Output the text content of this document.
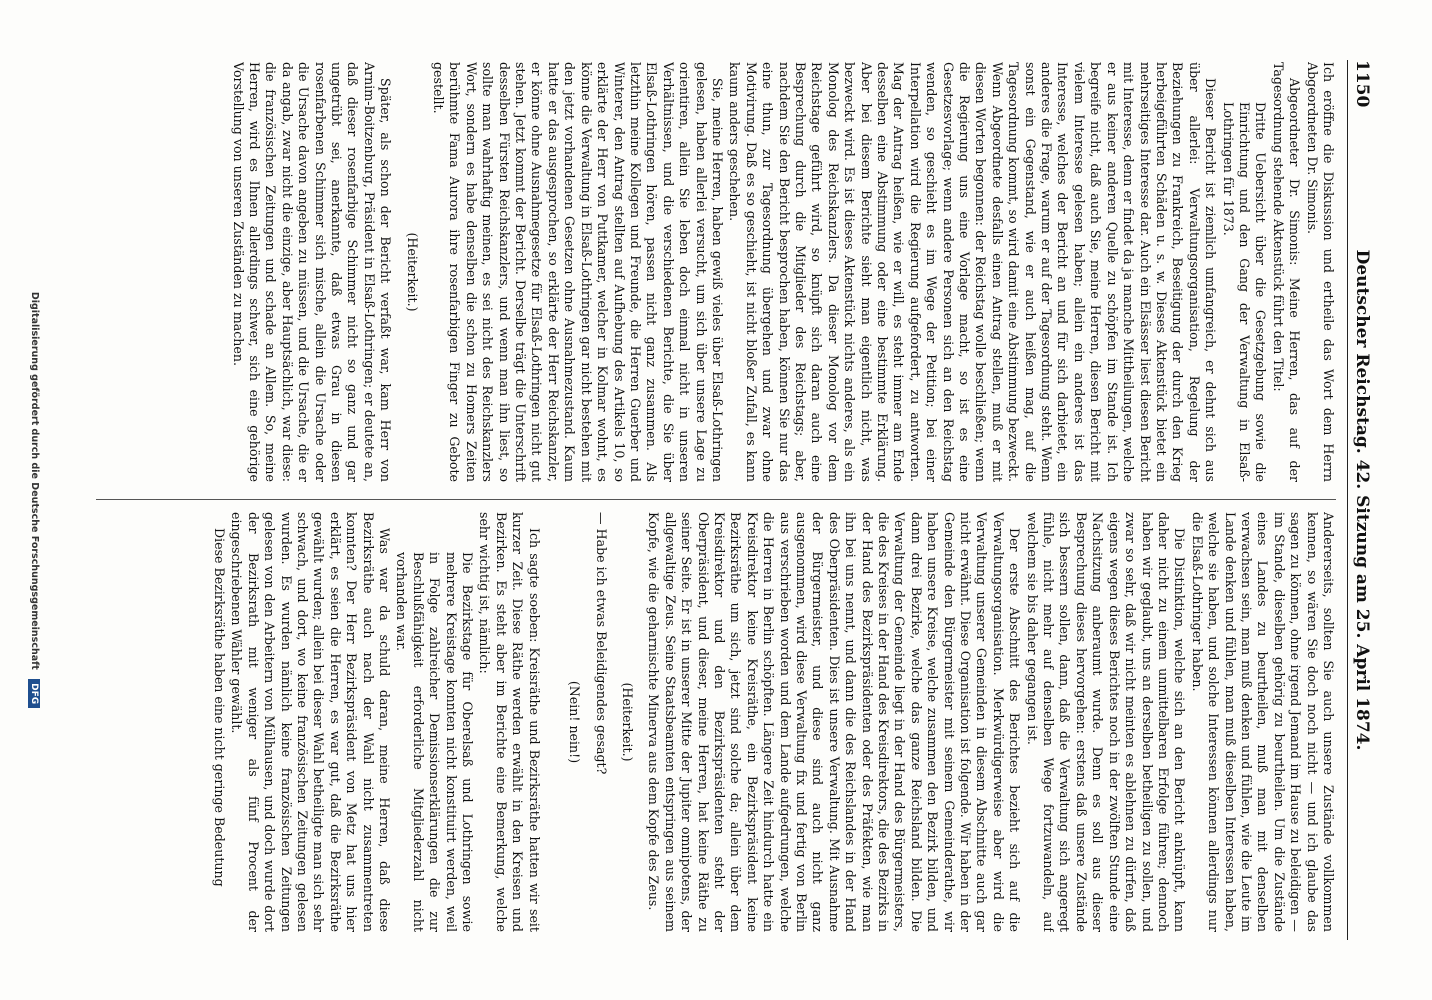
1150
Deutscher Reichstag. 42. Sitzung am 25. April 1874.

Ich eröffne die Diskussion und ertheile das Wort dem Herrn Abgeordneten Dr. Simonis.

Abgeordneter Dr. Simonis: Meine Herren, das auf der Tagesordnung stehende Aktenstück führt den Titel:

Dritte Uebersicht über die Gesetzgebung sowie die Einrichtung und den Gang der Verwaltung in Elsaß-Lothringen für 1873.

Dieser Bericht ist ziemlich umfangreich, er dehnt sich aus über allerlei: Verwaltungsorganisation, Regelung der Beziehungen zu Frankreich, Beseitigung der durch den Krieg herbeigeführten Schäden u. s. w. Dieses Aktenstück bietet ein mehrseitiges Interesse dar. Auch ein Elsässer liest diesen Bericht mit Interesse, denn er findet da ja manche Mittheilungen, welche er aus keiner anderen Quelle zu schöpfen im Stande ist. Ich begreife nicht, daß auch Sie, meine Herren, diesen Bericht mit vielem Interesse gelesen haben; allein ein anderes ist das Interesse, welches der Bericht an und für sich darbietet, ein anderes die Frage, warum er auf der Tagesordnung steht. Wenn sonst ein Gegenstand, wie er auch heißen mag, auf die Tagesordnung kommt, so wird damit eine Abstimmung bezweckt. Wenn Abgeordnete desfalls einen Antrag stellen, muß er mit diesen Worten begonnen: der Reichstag wolle beschließen; wenn die Regierung uns eine Vorlage macht, so ist es eine Gesetzesvorlage; wenn andere Personen sich an den Reichstag wenden, so geschieht es im Wege der Petition; bei einer Interpellation wird die Regierung aufgefordert, zu antworten. Mag der Antrag heißen, wie er will, es steht immer am Ende desselben eine Abstimmung oder eine bestimmte Erklärung. Aber bei diesem Berichte sieht man eigentlich nicht, was bezweckt wird. Es ist dieses Aktenstück nichts anderes, als ein Monolog des Reichskanzlers. Da dieser Monolog vor dem Reichstage geführt wird, so knüpft sich daran auch eine Besprechung durch die Mitglieder des Reichstags; aber, nachdem Sie den Bericht besprochen haben, können Sie nur das eine thun, zur Tagesordnung übergehen und zwar ohne Motivirung. Daß es so geschieht, ist nicht bloßer Zufall, es kann kaum anders geschehen.

Sie, meine Herren, haben gewiß vieles über Elsaß-Lothringen gelesen, haben allerlei versucht, um sich über unsere Lage zu orientiren, allein Sie leben doch einmal nicht in unseren Verhältnissen, und die verschiedenen Berichte, die Sie über Elsaß-Lothringen hören, passen nicht ganz zusammen. Als letzthin meine Kollegen und Freunde, die Herren Guerber und Winterer, den Antrag stellten auf Aufhebung des Artikels 10, so erklärte der Herr von Puttkamer, welcher in Kolmar wohnt, es könne die Verwaltung in Elsaß-Lothringen gar nicht bestehen mit den jetzt vorhandenen Gesetzen ohne Ausnahmezustand. Kaum hatte er das ausgesprochen, so erklärte der Herr Reichskanzler, er könne ohne Ausnahmegesetze für Elsaß-Lothringen nicht gut stehen. Jetzt kommt der Bericht. Derselbe trägt die Unterschrift desselben Fürsten Reichskanzlers, und wenn man ihn liest, so sollte man wahrhaftig meinen, es sei nicht des Reichskanzlers Wort, sondern es habe denselben die schon zu Homers Zeiten berühmte Fama Aurora ihre rosenfarbigen Finger zu Gebote gestellt.

(Heiterkeit.)

Später, als schon der Bericht verfaßt war, kam Herr von Arnim-Boitzenburg, Präsident in Elsaß-Lothringen; er deutete an, daß dieser rosenfarbige Schimmer nicht so ganz und gar ungetrübt sei, anerkannte, daß etwas Grau in diesen rosenfarbenen Schimmer sich mische, allein die Ursache oder die Ursache davon angeben zu müssen, und die Ursache, die er da angab, zwar nicht die einzige, aber Hauptsächlich, war diese: die französischen Zeitungen und schade an Allem. So, meine Herren, wird es Ihnen allerdings schwer, sich eine gehörige Vorstellung von unseren Zuständen zu machen.

Andererseits, sollten Sie auch unsere Zustände vollkommen kennen, so wären Sie doch noch nicht — und ich glaube das sagen zu können, ohne irgend Jemand im Hause zu beleidigen — im Stande, dieselben gehörig zu beurtheilen. Um die Zustände eines Landes zu beurtheilen, muß man mit denselben verwachsen sein, man muß denken und fühlen, wie die Leute im Lande denken und fühlen, man muß dieselben Interessen haben, welche sie haben, und solche Interessen können allerdings nur die Elsaß-Lothringer haben.

Die Distinktion, welche sich an den Bericht anknüpft, kann daher nicht zu einem unmittelbaren Erfolge führen; dennoch haben wir geglaubt, uns an derselben betheiligen zu sollen, und zwar so sehr, daß wir nicht meinten es ablehnen zu dürfen, daß eigens wegen dieses Berichtes noch in der zwölften Stunde eine Nachsitzung anberaumt wurde. Denn es soll aus dieser Besprechung dieses hervorgehen: erstens daß unsere Zustände sich bessern sollen, dann, daß die Verwaltung sich angeregt fühle, nicht mehr auf denselben Wege fortzuwandeln, auf welchem sie bis daher gegangen ist.

Der erste Abschnitt des Berichtes bezieht sich auf die Verwaltungsorganisation. Merkwürdigerweise aber wird die Verwaltung unserer Gemeinden in diesem Abschnitte auch gar nicht erwähnt. Diese Organisation ist folgende. Wir haben in der Gemeinde den Bürgermeister mit seinem Gemeinderathe, wir haben unsere Kreise, welche zusammen den Bezirk bilden, und dann drei Bezirke, welche das ganze Reichsland bilden. Die Verwaltung der Gemeinde liegt in der Hand des Bürgermeisters, die des Kreises in der Hand des Kreisdirektors, die des Bezirks in der Hand des Bezirkspräsidenten oder des Präfekten, wie man ihn bei uns nennt, und dann die des Reichslandes in der Hand des Oberpräsidenten. Dies ist unsere Verwaltung. Mit Ausnahme der Bürgermeister, und diese sind auch nicht ganz ausgenommen, wird diese Verwaltung fix und fertig von Berlin aus verschrieben worden und dem Lande aufgedrungen, welche die Herren in Berlin schöpften. Längere Zeit hindurch hatte ein Kreisdirektor keine Kreisräthe, ein Bezirkspräsident keine Bezirksräthe um sich, jetzt sind solche da; allein über dem Kreisdirektor und den Bezirkspräsidenten steht der Oberpräsident, und dieser, meine Herren, hat keine Räthe zu seiner Seite. Er ist in unserer Mitte der Jupiter omnipotens, der allgewaltige Zeus. Seine Staatsbeamten entspringen aus seinem Kopfe, wie die geharnischte Minerva aus dem Kopfe des Zeus.

(Heiterkeit.)

— Habe ich etwas Beleidigendes gesagt?

(Nein! nein!)

Ich sagte soeben: Kreisräthe und Bezirksräthe hatten wir seit kurzer Zeit. Diese Räthe werden erwählt in den Kreisen und Bezirken. Es steht aber im Berichte eine Bemerkung, welche sehr wichtig ist, nämlich:

Die Bezirkstage für Oberelsaß und Lothringen sowie mehrere Kreistage konnten nicht konstituirt werden, weil in Folge zahlreicher Demissionserklärungen die zur Beschlußfähigkeit erforderliche Mitgliederzahl nicht vorhanden war.

Was war da schuld daran, meine Herren, daß diese Bezirksräthe auch nach der Wahl nicht zusammentreten konnten? Der Herr Bezirkspräsident von Metz hat uns hier erklärt, es seien die Herren, es war gut, daß die Bezirksräthe gewählt wurden; allein bei dieser Wahl betheiligte man sich sehr schwach, und dort, wo keine französischen Zeitungen gelesen wurden. Es wurden nämlich keine französischen Zeitungen gelesen von den Arbeitern von Mülhausen, und doch wurde dort der Bezirksrath mit weniger als fünf Procent der eingeschriebenen Wähler gewählt.

Diese Bezirksräthe haben eine nicht geringe Bedeutung

Digitalisierung gefördert durch die Deutsche Forschungsgemeinschaft DFG
